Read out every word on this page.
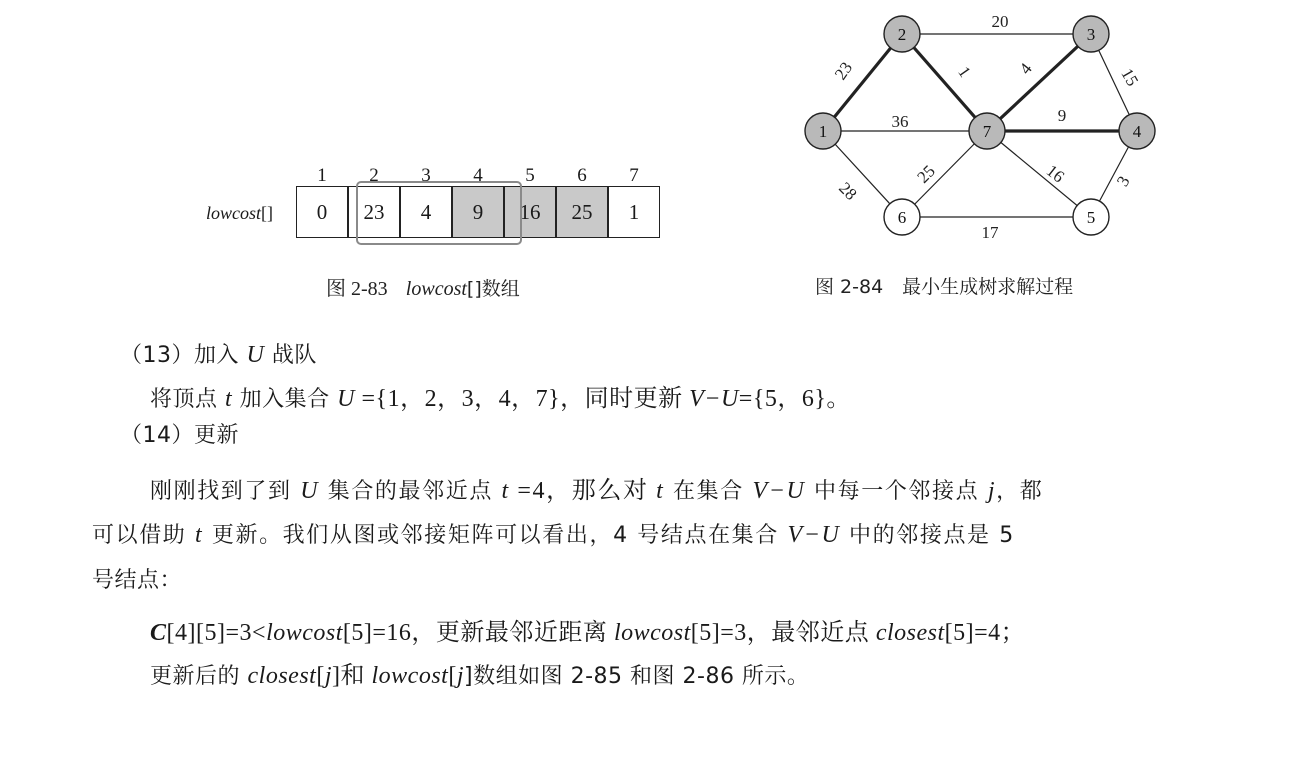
lowcost[]
1	2	3	4	5	6	7
0	23	4	9	16	25	1
图 2-83 lowcost[]数组
23
20
1 4	15
36	9
28
25	16	3
17
1
2	3
4
5
6
7
图 2-84　最小生成树求解过程
（13）加入 U 战队
将顶点 t 加入集合 U ={1，2，3，4，7}，同时更新 V−U={5，6}。
（14）更新
刚刚找到了到 U 集合的最邻近点 t =4，那么对 t 在集合 V−U 中每一个邻接点 j，都
可以借助 t 更新。我们从图或邻接矩阵可以看出，4 号结点在集合 V−U 中的邻接点是 5
号结点：
C[4][5]=3<lowcost[5]=16，更新最邻近距离 lowcost[5]=3，最邻近点 closest[5]=4；
更新后的 closest[j]和 lowcost[j]数组如图 2-85 和图 2-86 所示。
